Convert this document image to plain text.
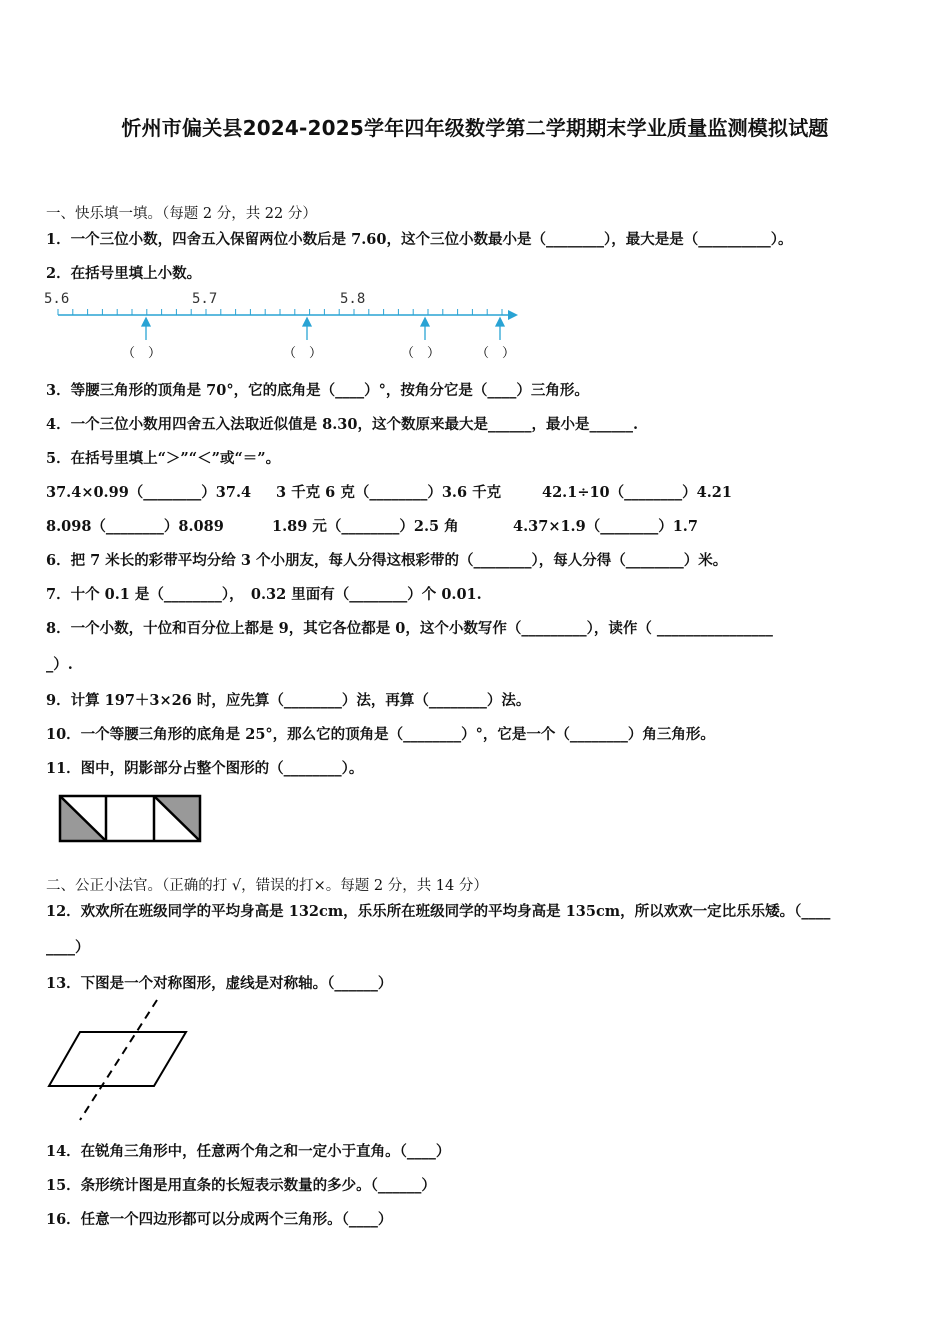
忻州市偏关县2024-2025学年四年级数学第二学期期末学业质量监测模拟试题
一、快乐填一填。（每题 2 分，共 22 分）
1．一个三位小数，四舍五入保留两位小数后是 7.60，这个三位小数最小是（________），最大是是（__________）。
2．在括号里填上小数。
5.6	5.7	5.8
（　）	（　）	（　）	（　）
3．等腰三角形的顶角是 70°，它的底角是（____）°，按角分它是（____）三角形。
4．一个三位小数用四舍五入法取近似值是 8.30，这个数原来最大是______，最小是______.
5．在括号里填上“＞”“＜”或“＝”。
37.4×0.99（________）37.4 3 千克 6 克（________）3.6 千克	42.1÷10（________）4.21
8.098（________）8.089	1.89 元（________）2.5 角	4.37×1.9（________）1.7
6．把 7 米长的彩带平均分给 3 个小朋友，每人分得这根彩带的（________），每人分得（________）米。
7．十个 0.1 是（________），　0.32 里面有（________）个 0.01.
8．一个小数，十位和百分位上都是 9，其它各位都是 0，这个小数写作（_________），读作（ ________________
_）.
9．计算 197＋3×26 时，应先算（________）法，再算（________）法。
10．一个等腰三角形的底角是 25°，那么它的顶角是（________）°，它是一个（________）角三角形。
11．图中，阴影部分占整个图形的（________）。
二、公正小法官。（正确的打 √，错误的打×。每题 2 分，共 14 分）
12．欢欢所在班级同学的平均身高是 132cm，乐乐所在班级同学的平均身高是 135cm，所以欢欢一定比乐乐矮。（____
____）
13．下图是一个对称图形，虚线是对称轴。（______）
14．在锐角三角形中，任意两个角之和一定小于直角。（____）
15．条形统计图是用直条的长短表示数量的多少。（______）
16．任意一个四边形都可以分成两个三角形。（____）
